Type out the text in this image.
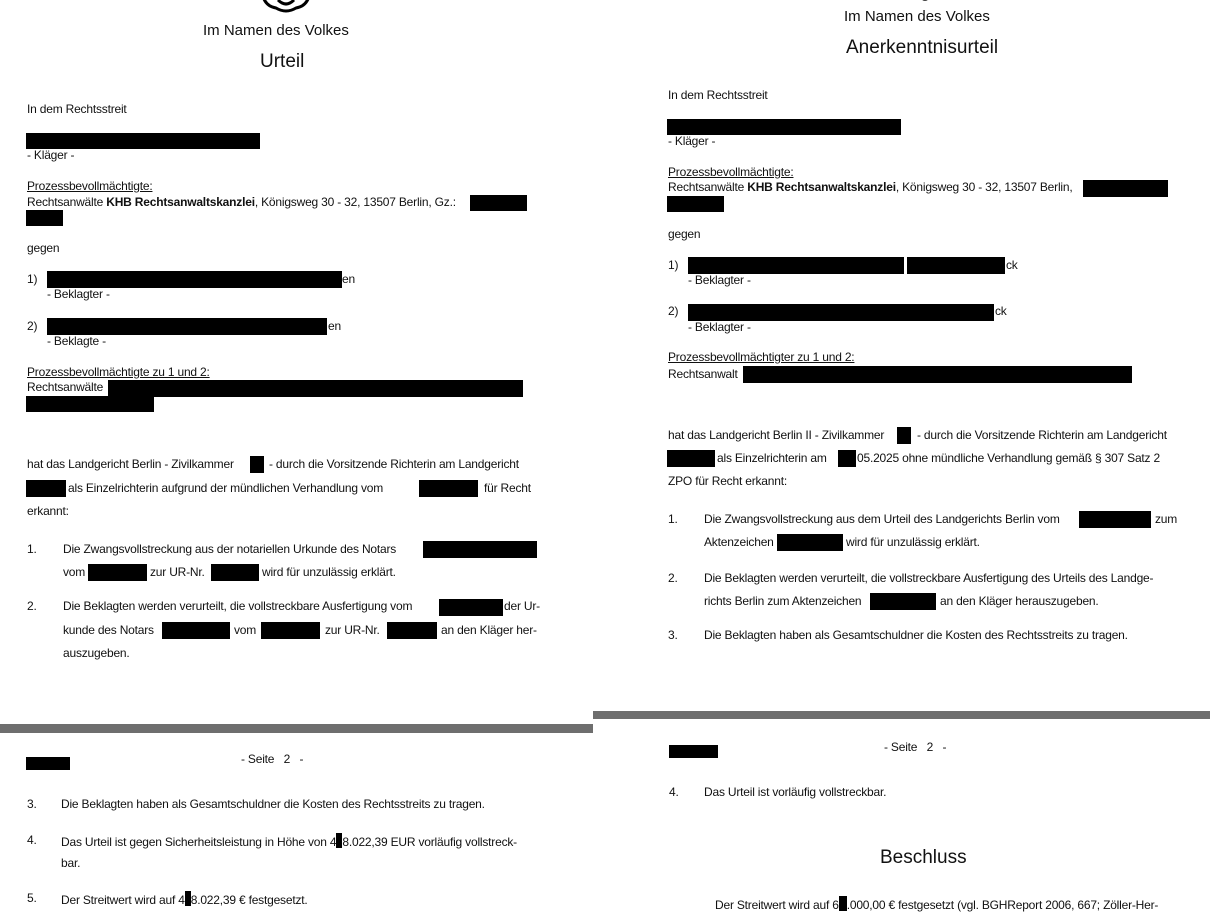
Im Namen des Volkes
Urteil
In dem Rechtsstreit
- Kläger -
Prozessbevollmächtigte:
Rechtsanwälte KHB Rechtsanwaltskanzlei, Königsweg 30 - 32, 13507 Berlin, Gz.:
gegen
1)	en
- Beklagter -
2)	en
- Beklagte -
Prozessbevollmächtigte zu 1 und 2:
Rechtsanwälte
hat das Landgericht Berlin - Zivilkammer	- durch die Vorsitzende Richterin am Landgericht
als Einzelrichterin aufgrund der mündlichen Verhandlung vom	für Recht
erkannt:
1. Die Zwangsvollstreckung aus der notariellen Urkunde des Notars
vom	zur UR-Nr.	wird für unzulässig erklärt.
2. Die Beklagten werden verurteilt, die vollstreckbare Ausfertigung vom	der Ur-
kunde des Notars	vom	zur UR-Nr.	an den Kläger her-
auszugeben.
- Seite   2   -
3. Die Beklagten haben als Gesamtschuldner die Kosten des Rechtsstreits zu tragen.
4. Das Urteil ist gegen Sicherheitsleistung in Höhe von 4 8.022,39 EUR vorläufig vollstreck-
bar.
5. Der Streitwert wird auf 4 8.022,39 € festgesetzt.
Im Namen des Volkes
Anerkenntnisurteil
In dem Rechtsstreit
- Kläger -
Prozessbevollmächtigte:
Rechtsanwälte KHB Rechtsanwaltskanzlei, Königsweg 30 - 32, 13507 Berlin,
gegen
1)	ck
- Beklagter -
2)	ck
- Beklagter -
Prozessbevollmächtigter zu 1 und 2:
Rechtsanwalt
hat das Landgericht Berlin II - Zivilkammer	- durch die Vorsitzende Richterin am Landgericht
als Einzelrichterin am	05.2025 ohne mündliche Verhandlung gemäß § 307 Satz 2
ZPO für Recht erkannt:
1. Die Zwangsvollstreckung aus dem Urteil des Landgerichts Berlin vom	zum
Aktenzeichen	wird für unzulässig erklärt.
2. Die Beklagten werden verurteilt, die vollstreckbare Ausfertigung des Urteils des Landge-
richts Berlin zum Aktenzeichen	an den Kläger herauszugeben.
3. Die Beklagten haben als Gesamtschuldner die Kosten des Rechtsstreits zu tragen.
- Seite   2   -
4. Das Urteil ist vorläufig vollstreckbar.
Beschluss
Der Streitwert wird auf 6 .000,00 € festgesetzt (vgl. BGHReport 2006, 667; Zöller-Her-
